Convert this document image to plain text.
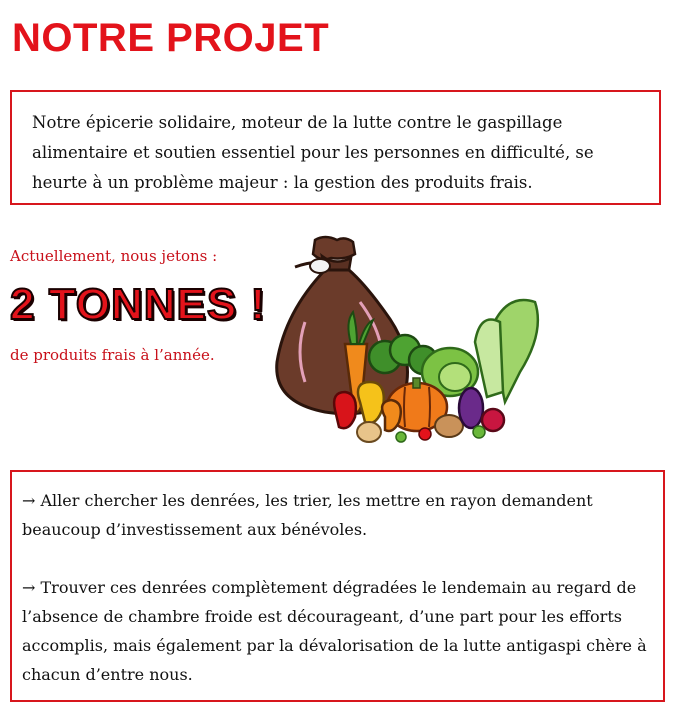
NOTRE PROJET
Notre épicerie solidaire, moteur de la lutte contre le gaspillage alimentaire et soutien essentiel pour les personnes en difficulté, se heurte à un problème majeur : la gestion des produits frais.

Actuellement, nous jetons :

2 TONNES !

de produits frais à l’année.

→ Aller chercher les denrées, les trier, les mettre en rayon demandent beaucoup d’investissement aux bénévoles.

→ Trouver ces denrées complètement dégradées le lendemain au regard de l’absence de chambre froide est décourageant, d’une part pour les efforts accomplis, mais également par la dévalorisation de la lutte antigaspi chère à chacun d’entre nous.
